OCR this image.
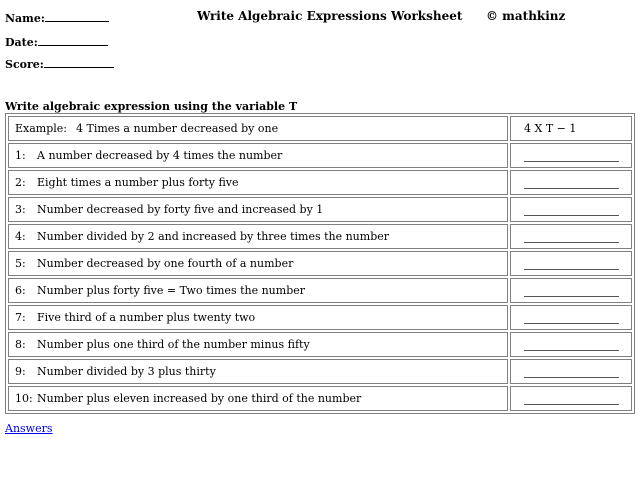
Name:
Date:
Score:
Write Algebraic Expressions Worksheet © mathkinz
Write algebraic expression using the variable T
Example: 4 Times a number decreased by one	4 X T − 1
1: A number decreased by 4 times the number	
2: Eight times a number plus forty five	
3: Number decreased by forty five and increased by 1	
4: Number divided by 2 and increased by three times the number	
5: Number decreased by one fourth of a number	
6: Number plus forty five = Two times the number	
7: Five third of a number plus twenty two	
8: Number plus one third of the number minus fifty	
9: Number divided by 3 plus thirty	
10: Number plus eleven increased by one third of the number	
Answers
